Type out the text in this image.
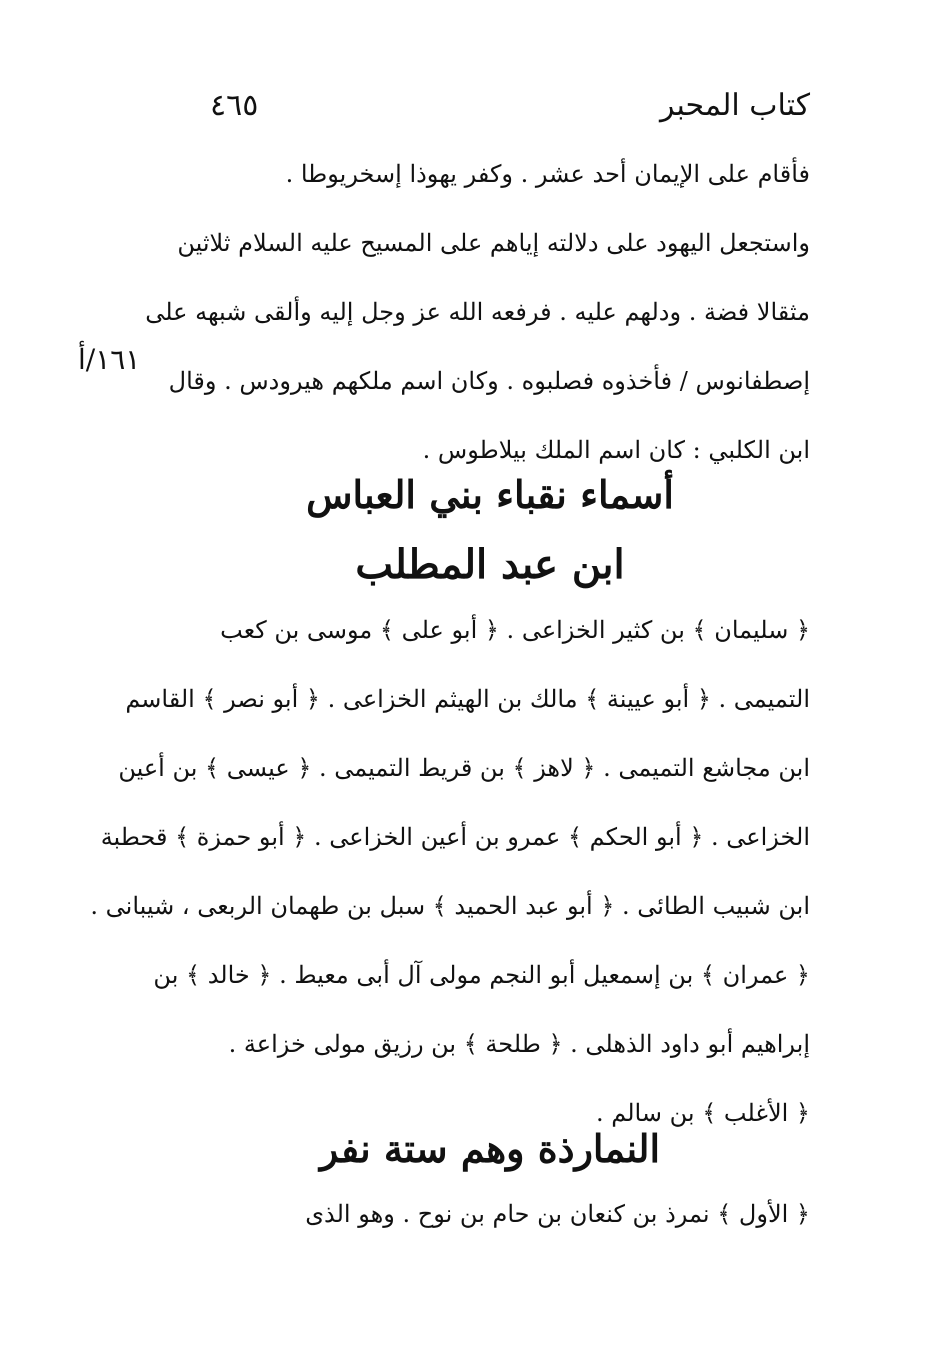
كتاب المحبر
٤٦٥
١٦١/أ
فأقام على الإيمان أحد عشر . وكفر يهوذا إسخريوطا .
واستجعل اليهود على دلالته إياهم على المسيح عليه السلام ثلاثين
مثقالا فضة . ودلهم عليه . فرفعه الله عز وجل إليه وألقى شبهه على
إصطفانوس / فأخذوه فصلبوه . وكان اسم ملكهم هيرودس . وقال
ابن الكلبي : كان اسم الملك بيلاطوس .
أسماء نقباء بني العباس
ابن عبد المطلب
﴿ سليمان ﴾ بن كثير الخزاعى . ﴿ أبو على ﴾ موسى بن كعب
التميمى . ﴿ أبو عيينة ﴾ مالك بن الهيثم الخزاعى . ﴿ أبو نصر ﴾ القاسم
ابن مجاشع التميمى . ﴿ لاهز ﴾ بن قريط التميمى . ﴿ عيسى ﴾ بن أعين
الخزاعى . ﴿ أبو الحكم ﴾ عمرو بن أعين الخزاعى . ﴿ أبو حمزة ﴾ قحطبة
ابن شبيب الطائى . ﴿ أبو عبد الحميد ﴾ سبل بن طهمان الربعى ، شيبانى .
﴿ عمران ﴾ بن إسمعيل أبو النجم مولى آل أبى معيط . ﴿ خالد ﴾ بن
إبراهيم أبو داود الذهلى . ﴿ طلحة ﴾ بن رزيق مولى خزاعة .
﴿ الأغلب ﴾ بن سالم .
النمارذة وهم ستة نفر
﴿ الأول ﴾ نمرذ بن كنعان بن حام بن نوح . وهو الذى
